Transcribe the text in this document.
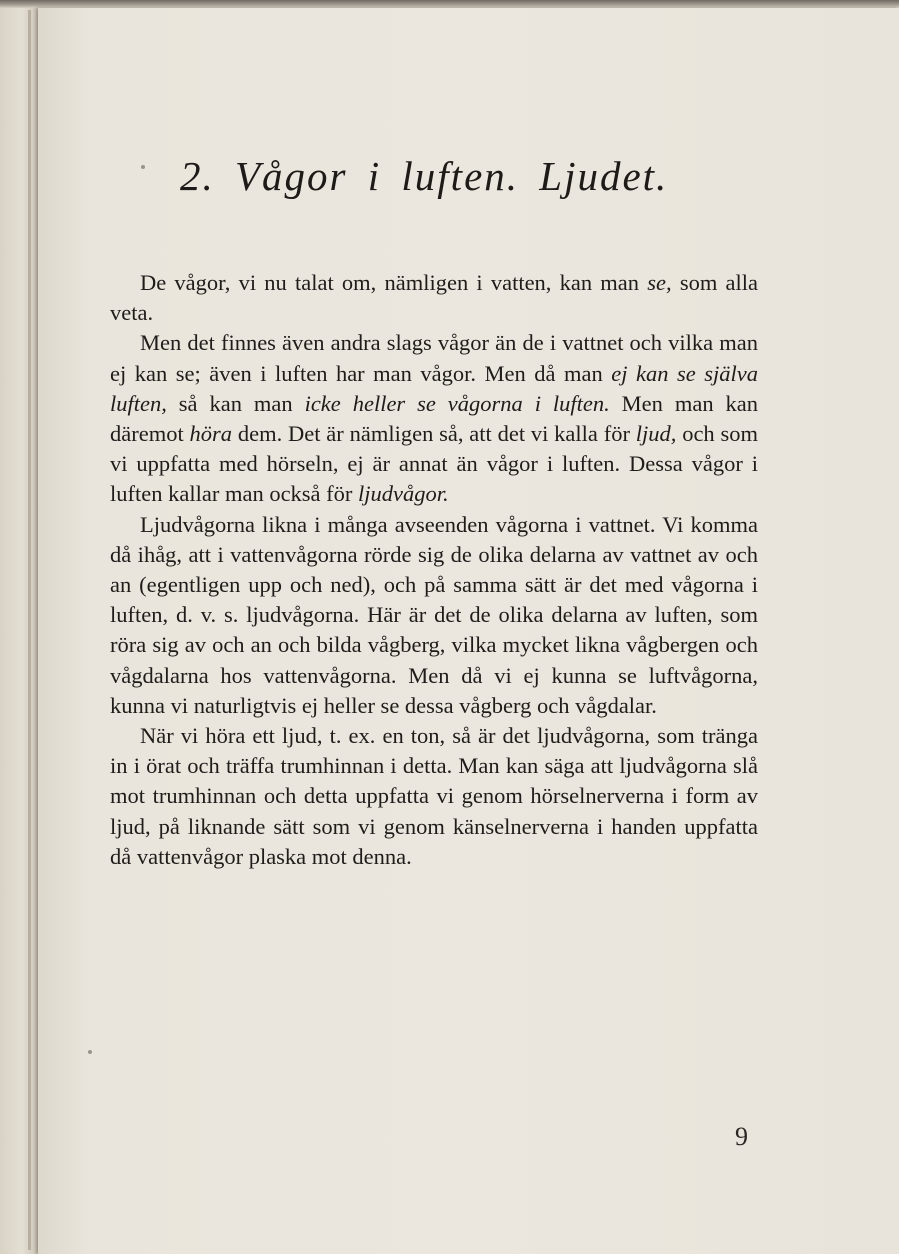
2. Vågor i luften. Ljudet.

De vågor, vi nu talat om, nämligen i vatten, kan man se, som alla veta.

Men det finnes även andra slags vågor än de i vattnet och vilka man ej kan se; även i luften har man vågor. Men då man ej kan se själva luften, så kan man icke heller se vågorna i luften. Men man kan däremot höra dem. Det är nämligen så, att det vi kalla för ljud, och som vi uppfatta med hörseln, ej är annat än vågor i luften. Dessa vågor i luften kallar man också för ljudvågor.

Ljudvågorna likna i många avseenden vågorna i vattnet. Vi komma då ihåg, att i vattenvågorna rörde sig de olika delarna av vattnet av och an (egentligen upp och ned), och på samma sätt är det med vågorna i luften, d. v. s. ljudvågorna. Här är det de olika delarna av luften, som röra sig av och an och bilda vågberg, vilka mycket likna vågbergen och vågdalarna hos vattenvågorna. Men då vi ej kunna se luftvågorna, kunna vi naturligtvis ej heller se dessa vågberg och vågdalar.

När vi höra ett ljud, t. ex. en ton, så är det ljudvågorna, som tränga in i örat och träffa trumhinnan i detta. Man kan säga att ljudvågorna slå mot trumhinnan och detta uppfatta vi genom hörselnerverna i form av ljud, på liknande sätt som vi genom känselnerverna i handen uppfatta då vattenvågor plaska mot denna.

9
